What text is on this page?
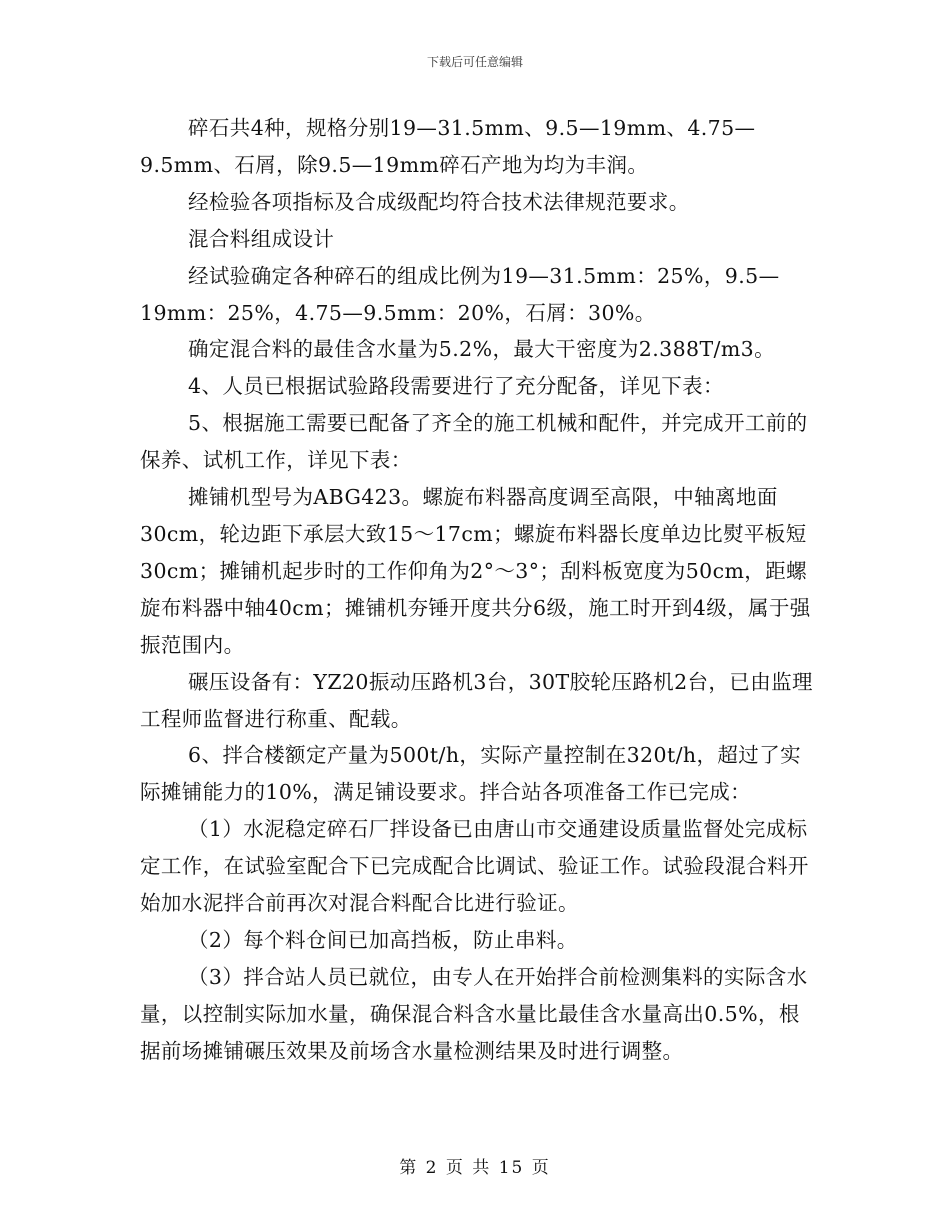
下载后可任意编辑

碎石共4种，规格分别19—31.5mm、9.5—19mm、4.75—9.5mm、石屑，除9.5—19mm碎石产地为均为丰润。

经检验各项指标及合成级配均符合技术法律规范要求。

混合料组成设计

经试验确定各种碎石的组成比例为19—31.5mm：25%，9.5—19mm：25%，4.75—9.5mm：20%，石屑：30%。

确定混合料的最佳含水量为5.2%，最大干密度为2.388T/m3。

4、人员已根据试验路段需要进行了充分配备，详见下表：

5、根据施工需要已配备了齐全的施工机械和配件，并完成开工前的保养、试机工作，详见下表：

摊铺机型号为ABG423。螺旋布料器高度调至高限，中轴离地面30cm，轮边距下承层大致15～17cm；螺旋布料器长度单边比熨平板短30cm；摊铺机起步时的工作仰角为2°～3°；刮料板宽度为50cm，距螺旋布料器中轴40cm；摊铺机夯锤开度共分6级，施工时开到4级，属于强振范围内。

碾压设备有：YZ20振动压路机3台，30T胶轮压路机2台，已由监理工程师监督进行称重、配载。

6、拌合楼额定产量为500t/h，实际产量控制在320t/h，超过了实际摊铺能力的10%，满足铺设要求。拌合站各项准备工作已完成：

（1）水泥稳定碎石厂拌设备已由唐山市交通建设质量监督处完成标定工作，在试验室配合下已完成配合比调试、验证工作。试验段混合料开始加水泥拌合前再次对混合料配合比进行验证。

（2）每个料仓间已加高挡板，防止串料。

（3）拌合站人员已就位，由专人在开始拌合前检测集料的实际含水量，以控制实际加水量，确保混合料含水量比最佳含水量高出0.5%，根据前场摊铺碾压效果及前场含水量检测结果及时进行调整。

第 2 页 共 15 页
